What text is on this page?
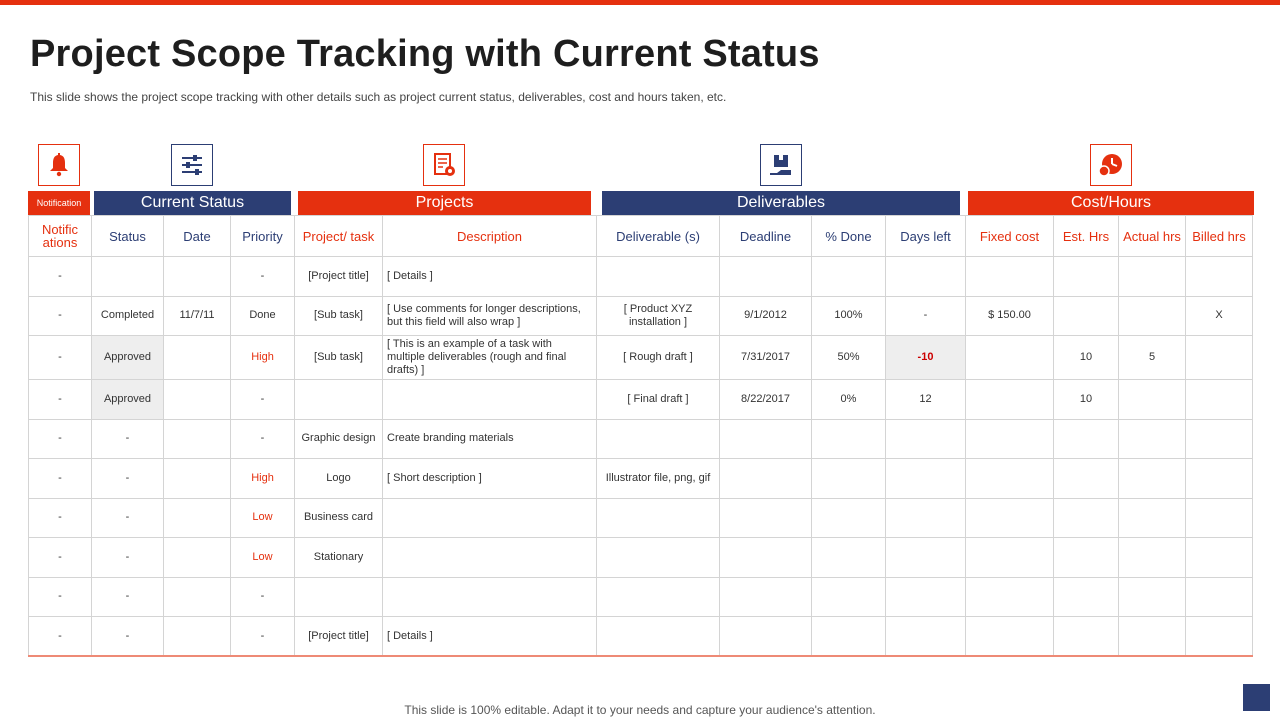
Project Scope Tracking with Current Status
This slide shows the project scope tracking with other details such as project current status, deliverables, cost and hours taken, etc.
Notification	Current Status	Projects	Deliverables	Cost/Hours
Notific ations	Status	Date	Priority	Project/ task	Description	Deliverable (s)	Deadline	% Done	Days left	Fixed cost	Est. Hrs	Actual hrs	Billed hrs
-			-	[Project title]	[ Details ]								
-	Completed	11/7/11	Done	[Sub task]	[ Use comments for longer descriptions, but this field will also wrap ]	[ Product XYZ installation ]	9/1/2012	100%	-	$ 150.00			X
-	Approved		High	[Sub task]	[ This is an example of a task with multiple deliverables (rough and final drafts) ]	[ Rough draft ]	7/31/2017	50%	-10		10	5	
-	Approved		-			[ Final draft ]	8/22/2017	0%	12		10		
-	-		-	Graphic design	Create branding materials								
-	-		High	Logo	[ Short description ]	Illustrator file, png, gif							
-	-		Low	Business card									
-	-		Low	Stationary									
-	-		-										
-	-		-	[Project title]	[ Details ]								
This slide is 100% editable. Adapt it to your needs and capture your audience's attention.
